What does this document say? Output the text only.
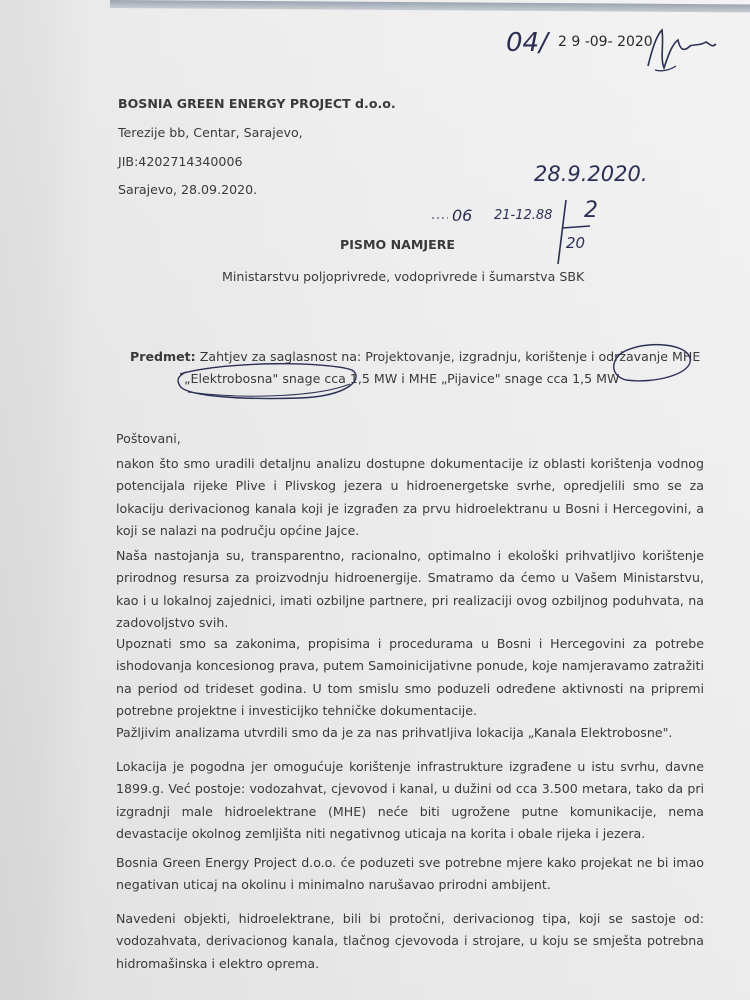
04/ 2 9 -09- 2020
BOSNIA GREEN ENERGY PROJECT d.o.o.
Terezije bb, Centar, Sarajevo,
JIB:4202714340006
Sarajevo, 28.09.2020.
28.9.2020.
06 21-12.88 2
20
PISMO NAMJERE
Ministarstvu poljoprivrede, vodoprivrede i šumarstva SBK
Predmet: Zahtjev za saglasnost na: Projektovanje, izgradnju, korištenje i održavanje MHE
„Elektrobosna" snage cca 1,5 MW i MHE „Pijavice" snage cca 1,5 MW
Poštovani,

nakon što smo uradili detaljnu analizu dostupne dokumentacije iz oblasti korištenja vodnog potencijala rijeke Plive i Plivskog jezera u hidroenergetske svrhe, opredjelili smo se za lokaciju derivacionog kanala koji je izgrađen za prvu hidroelektranu u Bosni i Hercegovini, a koji se nalazi na području općine Jajce.

Naša nastojanja su, transparentno, racionalno, optimalno i ekološki prihvatljivo korištenje prirodnog resursa za proizvodnju hidroenergije. Smatramo da ćemo u Vašem Ministarstvu, kao i u lokalnoj zajednici, imati ozbiljne partnere, pri realizaciji ovog ozbiljnog poduhvata, na zadovoljstvo svih.

Upoznati smo sa zakonima, propisima i procedurama u Bosni i Hercegovini za potrebe ishodovanja koncesionog prava, putem Samoinicijativne ponude, koje namjeravamo zatražiti na period od trideset godina. U tom smislu smo poduzeli određene aktivnosti na pripremi potrebne projektne i investicijko tehničke dokumentacije.

Pažljivim analizama utvrdili smo da je za nas prihvatljiva lokacija „Kanala Elektrobosne".

Lokacija je pogodna jer omogućuje korištenje infrastrukture izgrađene u istu svrhu, davne 1899.g. Već postoje: vodozahvat, cjevovod i kanal, u dužini od cca 3.500 metara, tako da pri izgradnji male hidroelektrane (MHE) neće biti ugrožene putne komunikacije, nema devastacije okolnog zemljišta niti negativnog uticaja na korita i obale rijeka i jezera.

Bosnia Green Energy Project d.o.o. će poduzeti sve potrebne mjere kako projekat ne bi imao negativan uticaj na okolinu i minimalno narušavao prirodni ambijent.

Navedeni objekti, hidroelektrane, bili bi protočni, derivacionog tipa, koji se sastoje od: vodozahvata, derivacionog kanala, tlačnog cjevovoda i strojare, u koju se smješta potrebna hidromašinska i elektro oprema.
